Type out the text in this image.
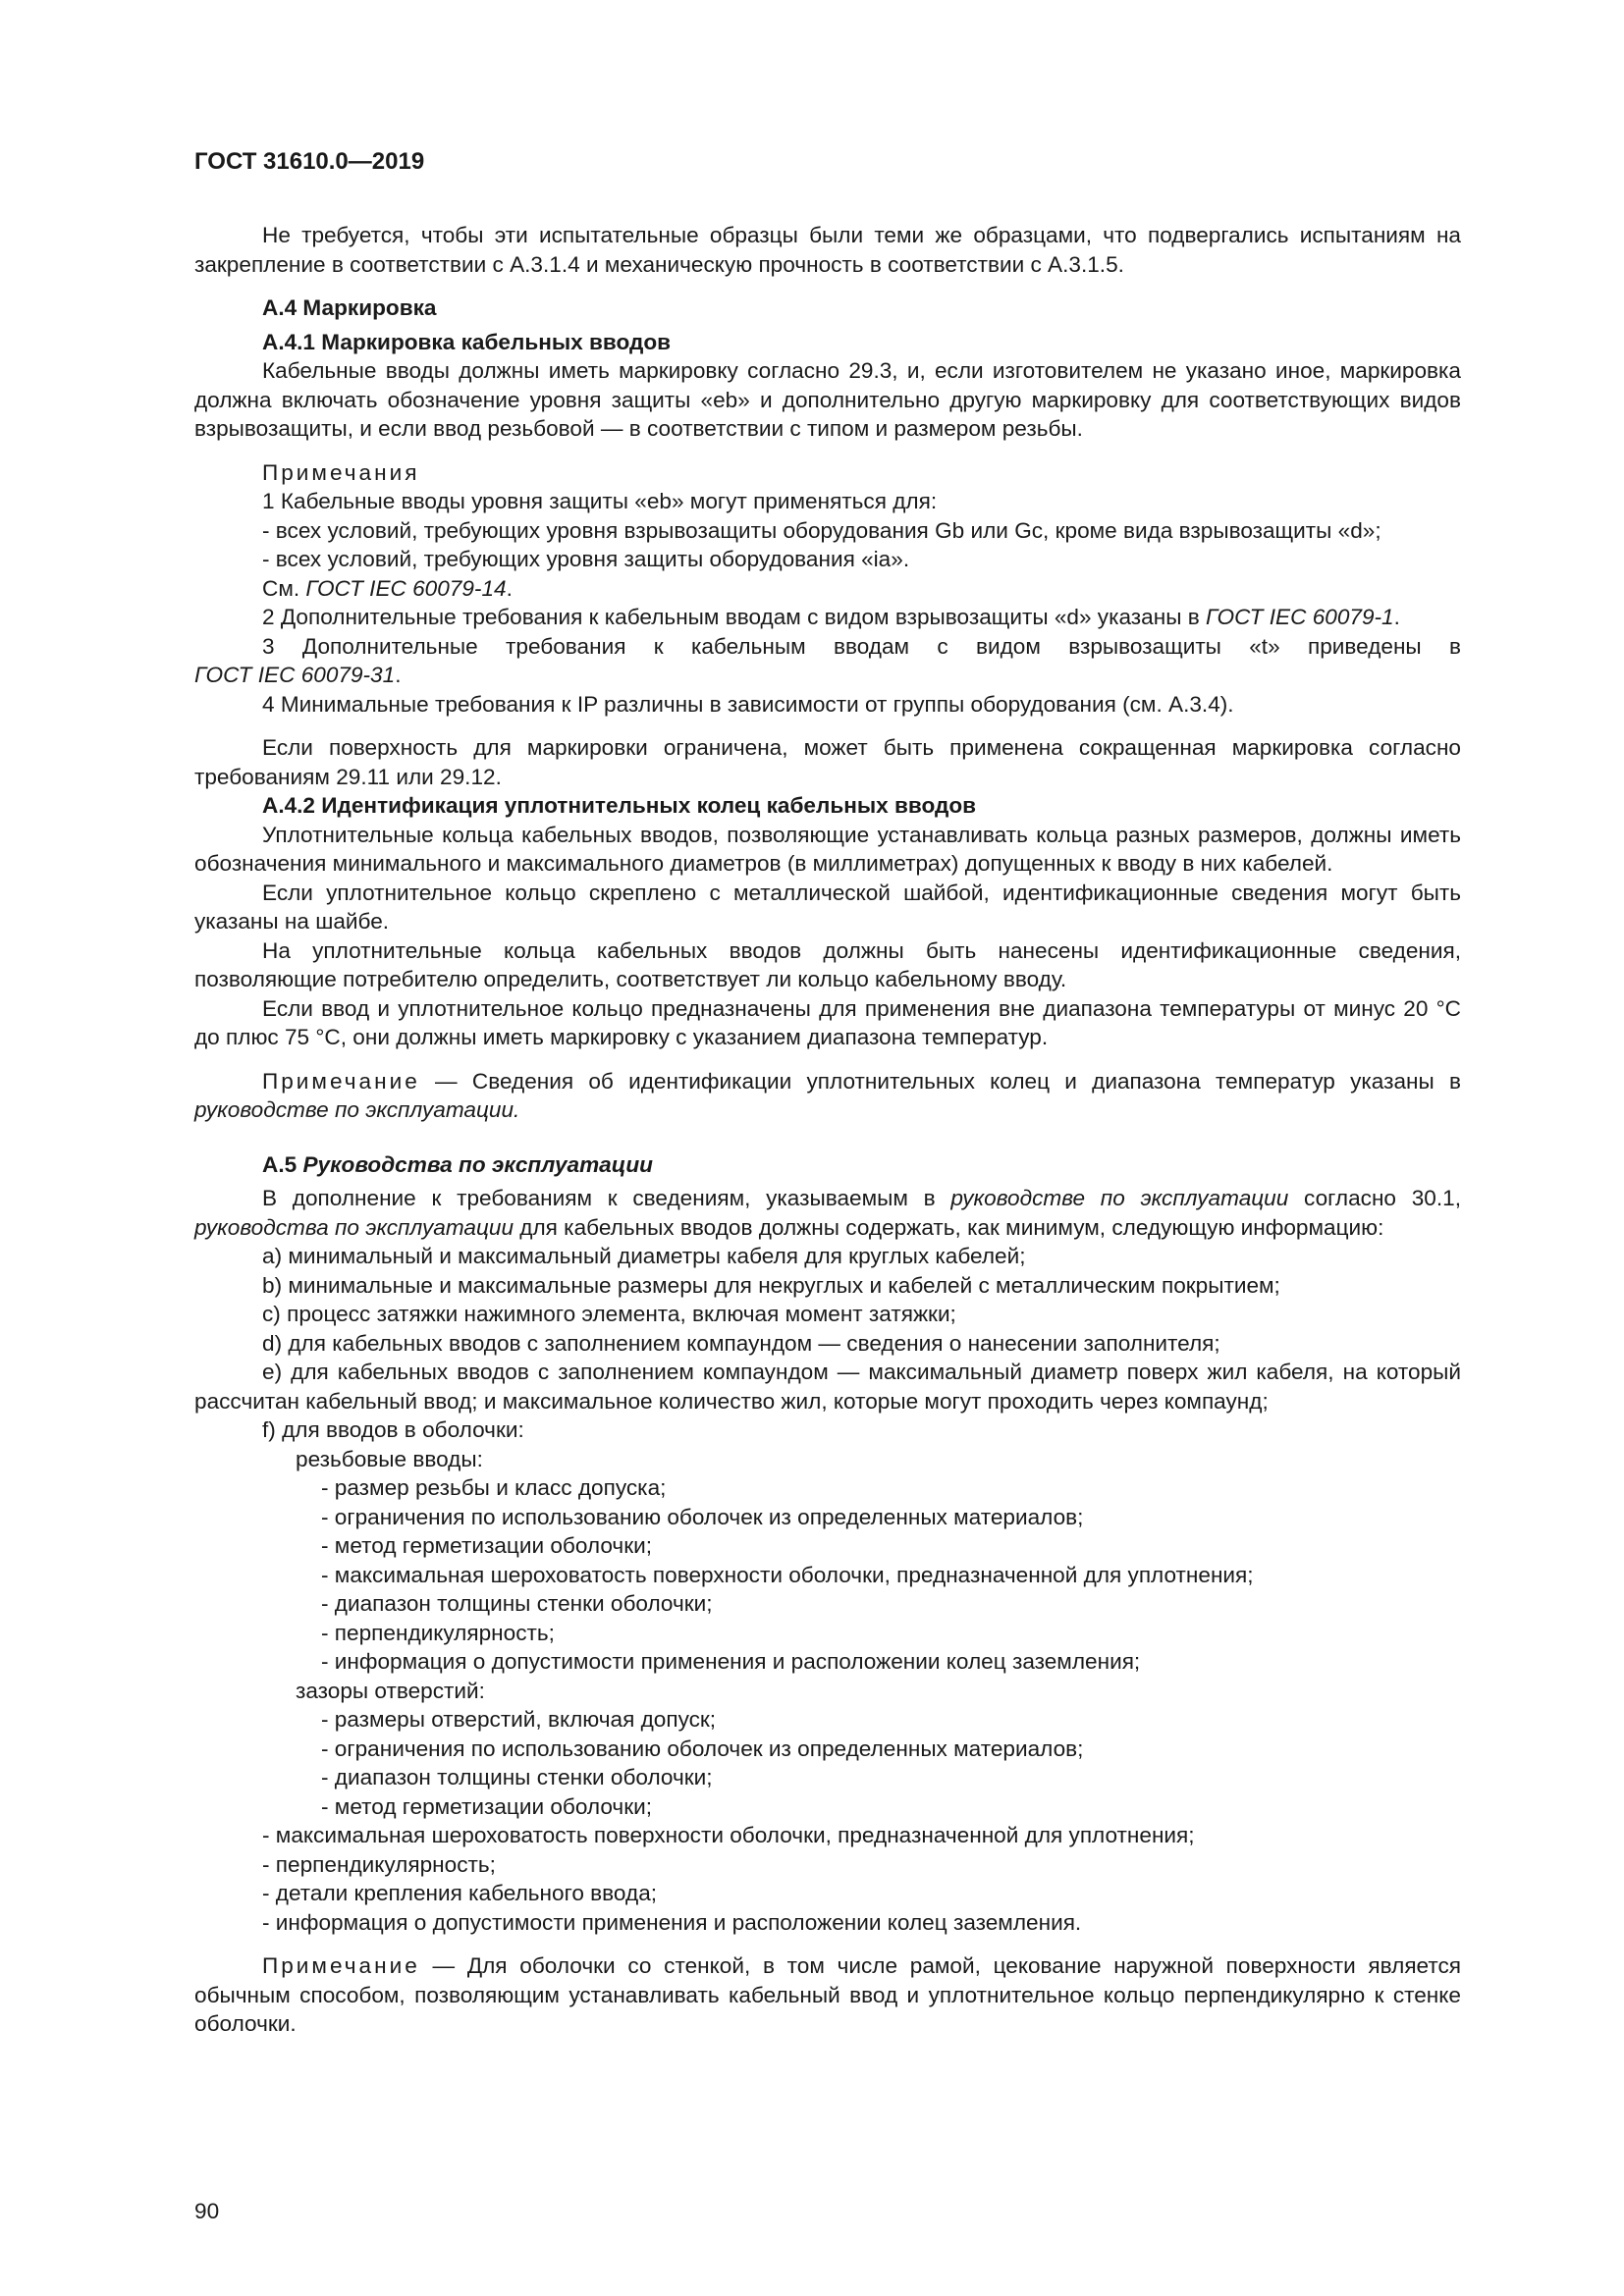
ГОСТ 31610.0—2019

Не требуется, чтобы эти испытательные образцы были теми же образцами, что подвергались испытаниям на закрепление в соответствии с А.3.1.4 и механическую прочность в соответствии с А.3.1.5.

А.4 Маркировка

А.4.1 Маркировка кабельных вводов

Кабельные вводы должны иметь маркировку согласно 29.3, и, если изготовителем не указано иное, маркировка должна включать обозначение уровня защиты «eb» и дополнительно другую маркировку для соответствующих видов взрывозащиты, и если ввод резьбовой — в соответствии с типом и размером резьбы.

Примечания

1 Кабельные вводы уровня защиты «eb» могут применяться для:

- всех условий, требующих уровня взрывозащиты оборудования Gb или Gc, кроме вида взрывозащиты «d»;

- всех условий, требующих уровня защиты оборудования «ia».

См. ГОСТ IEC 60079-14.

2 Дополнительные требования к кабельным вводам с видом взрывозащиты «d» указаны в ГОСТ IEC 60079-1.

3 Дополнительные требования к кабельным вводам с видом взрывозащиты «t» приведены в

ГОСТ IEC 60079-31.

4 Минимальные требования к IP различны в зависимости от группы оборудования (см. А.3.4).

Если поверхность для маркировки ограничена, может быть применена сокращенная маркировка согласно требованиям 29.11 или 29.12.

А.4.2 Идентификация уплотнительных колец кабельных вводов

Уплотнительные кольца кабельных вводов, позволяющие устанавливать кольца разных размеров, должны иметь обозначения минимального и максимального диаметров (в миллиметрах) допущенных к вводу в них кабелей.

Если уплотнительное кольцо скреплено с металлической шайбой, идентификационные сведения могут быть указаны на шайбе.

На уплотнительные кольца кабельных вводов должны быть нанесены идентификационные сведения, позволяющие потребителю определить, соответствует ли кольцо кабельному вводу.

Если ввод и уплотнительное кольцо предназначены для применения вне диапазона температуры от минус 20 °C до плюс 75 °C, они должны иметь маркировку с указанием диапазона температур.

Примечание — Сведения об идентификации уплотнительных колец и диапазона температур указаны в руководстве по эксплуатации.

А.5 Руководства по эксплуатации

В дополнение к требованиям к сведениям, указываемым в руководстве по эксплуатации согласно 30.1, руководства по эксплуатации для кабельных вводов должны содержать, как минимум, следующую информацию:

a) минимальный и максимальный диаметры кабеля для круглых кабелей;

b) минимальные и максимальные размеры для некруглых и кабелей с металлическим покрытием;

c) процесс затяжки нажимного элемента, включая момент затяжки;

d) для кабельных вводов с заполнением компаундом — сведения о нанесении заполнителя;

e) для кабельных вводов с заполнением компаундом — максимальный диаметр поверх жил кабеля, на который рассчитан кабельный ввод; и максимальное количество жил, которые могут проходить через компаунд;

f) для вводов в оболочки:

резьбовые вводы:

- размер резьбы и класс допуска;

- ограничения по использованию оболочек из определенных материалов;

- метод герметизации оболочки;

- максимальная шероховатость поверхности оболочки, предназначенной для уплотнения;

- диапазон толщины стенки оболочки;

- перпендикулярность;

- информация о допустимости применения и расположении колец заземления;

зазоры отверстий:

- размеры отверстий, включая допуск;

- ограничения по использованию оболочек из определенных материалов;

- диапазон толщины стенки оболочки;

- метод герметизации оболочки;

- максимальная шероховатость поверхности оболочки, предназначенной для уплотнения;

- перпендикулярность;

- детали крепления кабельного ввода;

- информация о допустимости применения и расположении колец заземления.

Примечание — Для оболочки со стенкой, в том числе рамой, цекование наружной поверхности является обычным способом, позволяющим устанавливать кабельный ввод и уплотнительное кольцо перпендикулярно к стенке оболочки.

90
